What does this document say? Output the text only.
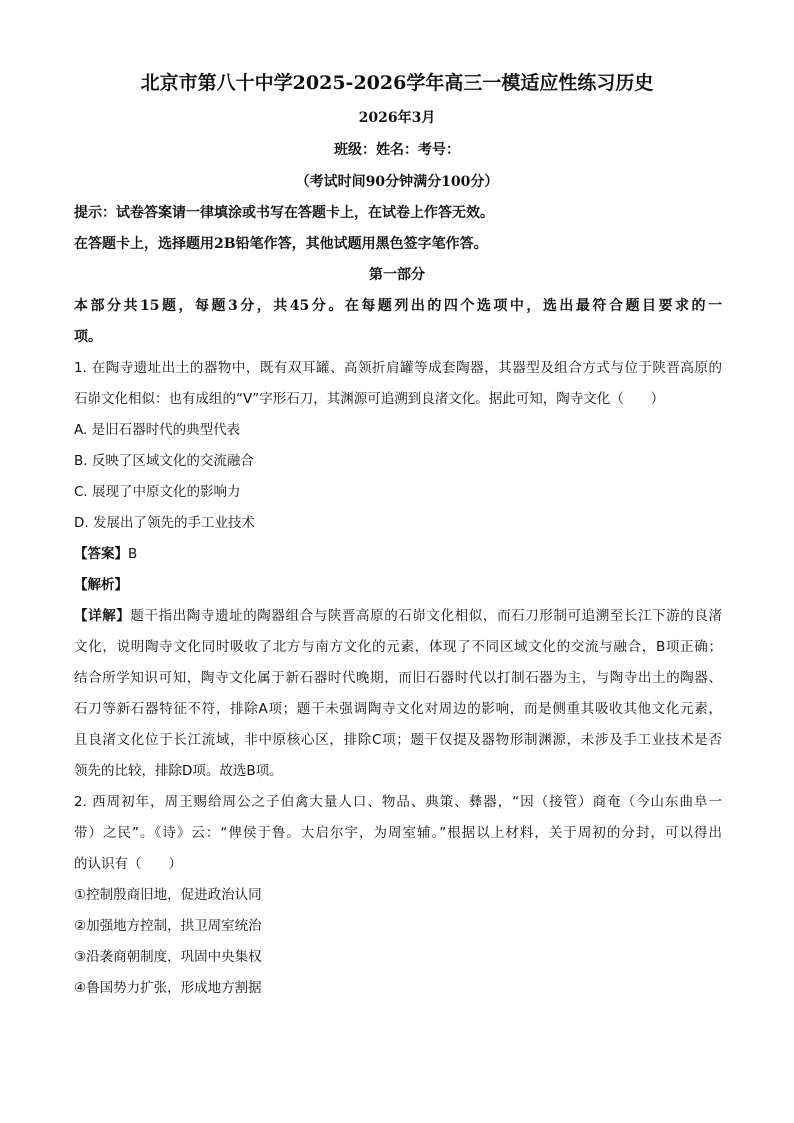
北京市第八十中学2025-2026学年高三一模适应性练习历史
2026年3月
班级：姓名：考号：
（考试时间90分钟满分100分）
提示：试卷答案请一律填涂或书写在答题卡上，在试卷上作答无效。
在答题卡上，选择题用2B铅笔作答，其他试题用黑色签字笔作答。
第一部分
本部分共15题，每题3分，共45分。在每题列出的四个选项中，选出最符合题目要求的一
项。
1. 在陶寺遗址出土的器物中，既有双耳罐、高领折肩罐等成套陶器，其器型及组合方式与位于陕晋高原的
石峁文化相似：也有成组的“V”字形石刀，其渊源可追溯到良渚文化。据此可知，陶寺文化（　　）
A. 是旧石器时代的典型代表
B. 反映了区域文化的交流融合
C. 展现了中原文化的影响力
D. 发展出了领先的手工业技术
【答案】B
【解析】
【详解】题干指出陶寺遗址的陶器组合与陕晋高原的石峁文化相似，而石刀形制可追溯至长江下游的良渚
文化，说明陶寺文化同时吸收了北方与南方文化的元素，体现了不同区域文化的交流与融合，B项正确；
结合所学知识可知，陶寺文化属于新石器时代晚期，而旧石器时代以打制石器为主，与陶寺出土的陶器、
石刀等新石器特征不符，排除A项；题干未强调陶寺文化对周边的影响，而是侧重其吸收其他文化元素，
且良渚文化位于长江流域，非中原核心区，排除C项；题干仅提及器物形制渊源，未涉及手工业技术是否
领先的比较，排除D项。故选B项。
2. 西周初年，周王赐给周公之子伯禽大量人口、物品、典策、彝器，“因（接管）商奄（今山东曲阜一
带）之民”。《诗》云：“俾侯于鲁。大启尔宇，为周室辅。”根据以上材料，关于周初的分封，可以得出
的认识有（　　）
①控制殷商旧地，促进政治认同
②加强地方控制，拱卫周室统治
③沿袭商朝制度，巩固中央集权
④鲁国势力扩张，形成地方割据
